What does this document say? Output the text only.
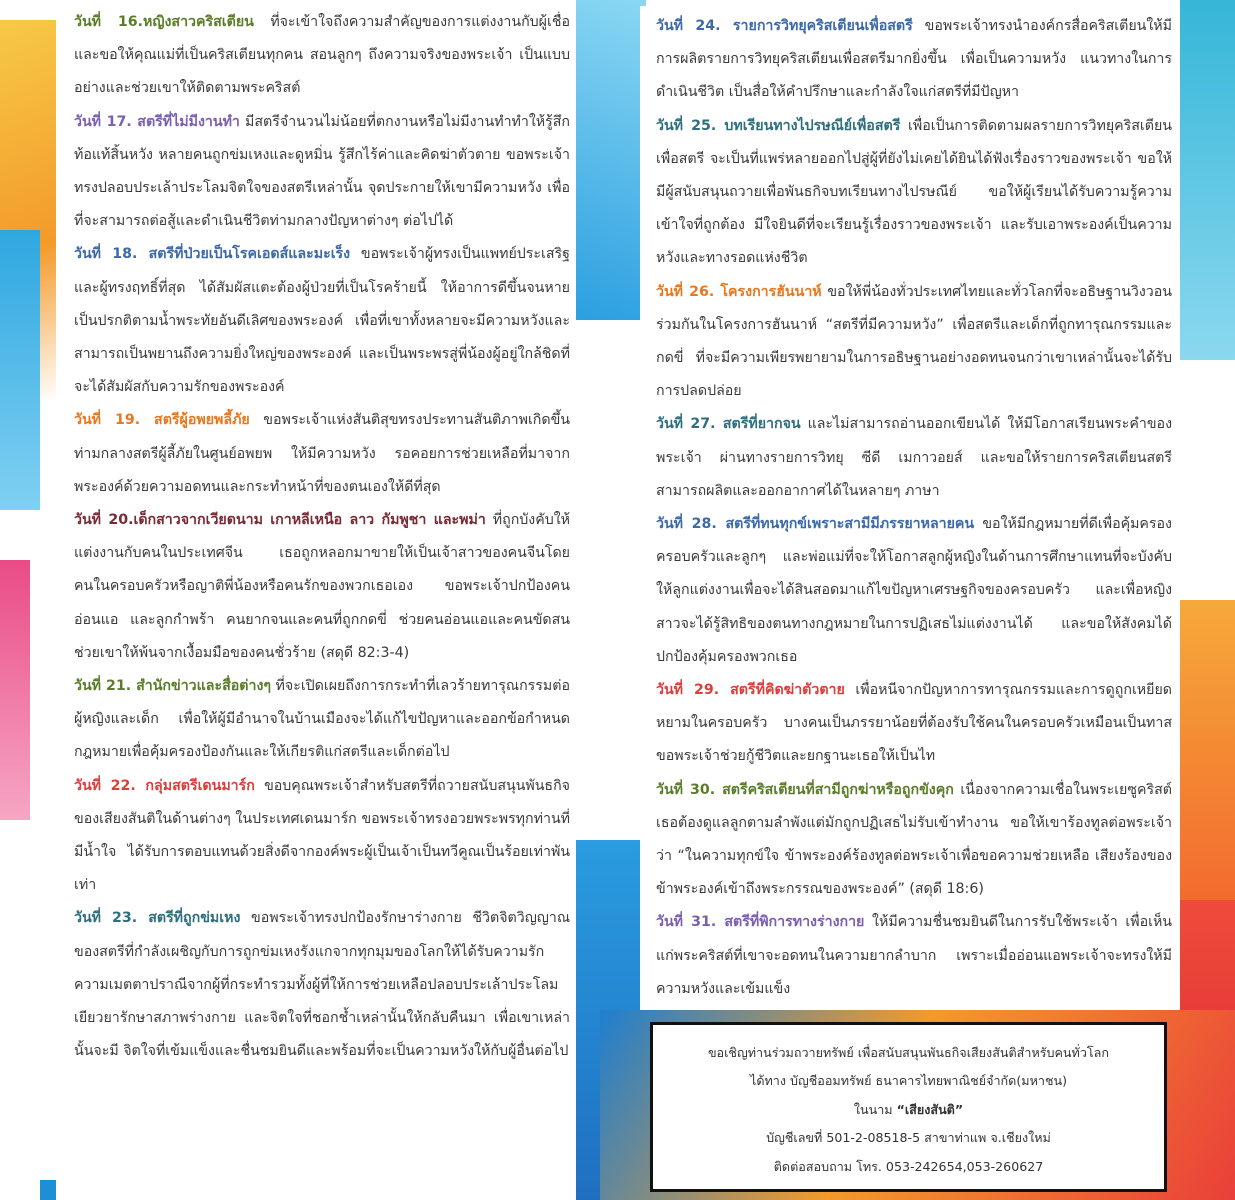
วันที่ 16.หญิงสาวคริสเตียน ที่จะเข้าใจถึงความสำคัญของการแต่งงานกับผู้เชื่อ และขอให้คุณแม่ที่เป็นคริสเตียนทุกคน สอนลูกๆ ถึงความจริงของพระเจ้า เป็นแบบอย่างและช่วยเขาให้ติดตามพระคริสต์

วันที่ 17. สตรีที่ไม่มีงานทำ มีสตรีจำนวนไม่น้อยที่ตกงานหรือไม่มีงานทำทำให้รู้สึกท้อแท้สิ้นหวัง หลายคนถูกข่มเหงและดูหมิ่น รู้สึกไร้ค่าและคิดฆ่าตัวตาย ขอพระเจ้าทรงปลอบประเล้าประโลมจิตใจของสตรีเหล่านั้น จุดประกายให้เขามีความหวัง เพื่อที่จะสามารถต่อสู้และดำเนินชีวิตท่ามกลางปัญหาต่างๆ ต่อไปได้

วันที่ 18. สตรีที่ป่วยเป็นโรคเอดส์และมะเร็ง ขอพระเจ้าผู้ทรงเป็นแพทย์ประเสริฐและผู้ทรงฤทธิ์ที่สุด ได้สัมผัสแตะต้องผู้ป่วยที่เป็นโรคร้ายนี้ ให้อาการดีขึ้นจนหายเป็นปรกติตามน้ำพระทัยอันดีเลิศของพระองค์ เพื่อที่เขาทั้งหลายจะมีความหวังและสามารถเป็นพยานถึงความยิ่งใหญ่ของพระองค์ และเป็นพระพรสู่พี่น้องผู้อยู่ใกล้ชิดที่จะได้สัมผัสกับความรักของพระองค์

วันที่ 19. สตรีผู้อพยพลี้ภัย ขอพระเจ้าแห่งสันติสุขทรงประทานสันติภาพเกิดขึ้นท่ามกลางสตรีผู้ลี้ภัยในศูนย์อพยพ ให้มีความหวัง รอคอยการช่วยเหลือที่มาจากพระองค์ด้วยความอดทนและกระทำหน้าที่ของตนเองให้ดีที่สุด

วันที่ 20.เด็กสาวจากเวียดนาม เกาหลีเหนือ ลาว กัมพูชา และพม่า ที่ถูกบังคับให้แต่งงานกับคนในประเทศจีน เธอถูกหลอกมาขายให้เป็นเจ้าสาวของคนจีนโดยคนในครอบครัวหรือญาติพี่น้องหรือคนรักของพวกเธอเอง ขอพระเจ้าปกป้องคนอ่อนแอ และลูกกำพร้า คนยากจนและคนที่ถูกกดขี่ ช่วยคนอ่อนแอและคนขัดสน ช่วยเขาให้พ้นจากเงื้อมมือของคนชั่วร้าย (สดุดี 82:3-4)

วันที่ 21. สำนักข่าวและสื่อต่างๆ ที่จะเปิดเผยถึงการกระทำที่เลวร้ายทารุณกรรมต่อผู้หญิงและเด็ก เพื่อให้ผู้มีอำนาจในบ้านเมืองจะได้แก้ไขปัญหาและออกข้อกำหนดกฎหมายเพื่อคุ้มครองป้องกันและให้เกียรติแก่สตรีและเด็กต่อไป

วันที่ 22. กลุ่มสตรีเดนมาร์ก ขอบคุณพระเจ้าสำหรับสตรีที่ถวายสนับสนุนพันธกิจของเสียงสันติในด้านต่างๆ ในประเทศเดนมาร์ก ขอพระเจ้าทรงอวยพระพรทุกท่านที่มีน้ำใจ ได้รับการตอบแทนด้วยสิ่งดีจากองค์พระผู้เป็นเจ้าเป็นทวีคูณเป็นร้อยเท่าพันเท่า

วันที่ 23. สตรีที่ถูกข่มเหง ขอพระเจ้าทรงปกป้องรักษาร่างกาย ชีวิตจิตวิญญาณ ของสตรีที่กำลังเผชิญกับการถูกข่มเหงรังแกจากทุกมุมของโลกให้ได้รับความรักความเมตตาปราณีจากผู้ที่กระทำรวมทั้งผู้ที่ให้การช่วยเหลือปลอบประเล้าประโลม เยียวยารักษาสภาพร่างกาย และจิตใจที่ชอกช้ำเหล่านั้นให้กลับคืนมา เพื่อเขาเหล่านั้นจะมี จิตใจที่เข้มแข็งและชื่นชมยินดีและพร้อมที่จะเป็นความหวังให้กับผู้อื่นต่อไป

วันที่ 24. รายการวิทยุคริสเตียนเพื่อสตรี ขอพระเจ้าทรงนำองค์กรสื่อคริสเตียนให้มีการผลิตรายการวิทยุคริสเตียนเพื่อสตรีมากยิ่งขึ้น เพื่อเป็นความหวัง แนวทางในการดำเนินชีวิต เป็นสื่อให้คำปรึกษาและกำลังใจแก่สตรีที่มีปัญหา

วันที่ 25. บทเรียนทางไปรษณีย์เพื่อสตรี เพื่อเป็นการติดตามผลรายการวิทยุคริสเตียนเพื่อสตรี จะเป็นที่แพร่หลายออกไปสู่ผู้ที่ยังไม่เคยได้ยินได้ฟังเรื่องราวของพระเจ้า ขอให้มีผู้สนับสนุนถวายเพื่อพันธกิจบทเรียนทางไปรษณีย์ ขอให้ผู้เรียนได้รับความรู้ความเข้าใจที่ถูกต้อง มีใจยินดีที่จะเรียนรู้เรื่องราวของพระเจ้า และรับเอาพระองค์เป็นความหวังและทางรอดแห่งชีวิต

วันที่ 26. โครงการฮันนาห์ ขอให้พี่น้องทั่วประเทศไทยและทั่วโลกที่จะอธิษฐานวิงวอนร่วมกันในโครงการฮันนาห์ “สตรีที่มีความหวัง” เพื่อสตรีและเด็กที่ถูกทารุณกรรมและกดขี่ ที่จะมีความเพียรพยายามในการอธิษฐานอย่างอดทนจนกว่าเขาเหล่านั้นจะได้รับการปลดปล่อย

วันที่ 27. สตรีที่ยากจน และไม่สามารถอ่านออกเขียนได้ ให้มีโอกาสเรียนพระคำของพระเจ้า ผ่านทางรายการวิทยุ ซีดี เมกาวอยส์ และขอให้รายการคริสเตียนสตรี สามารถผลิตและออกอากาศได้ในหลายๆ ภาษา

วันที่ 28. สตรีที่ทนทุกข์เพราะสามีมีภรรยาหลายคน ขอให้มีกฎหมายที่ดีเพื่อคุ้มครองครอบครัวและลูกๆ และพ่อแม่ที่จะให้โอกาสลูกผู้หญิงในด้านการศึกษาแทนที่จะบังคับให้ลูกแต่งงานเพื่อจะได้สินสอดมาแก้ไขปัญหาเศรษฐกิจของครอบครัว และเพื่อหญิงสาวจะได้รู้สิทธิของตนทางกฎหมายในการปฏิเสธไม่แต่งงานได้ และขอให้สังคมได้ปกป้องคุ้มครองพวกเธอ

วันที่ 29. สตรีที่คิดฆ่าตัวตาย เพื่อหนีจากปัญหาการทารุณกรรมและการดูถูกเหยียดหยามในครอบครัว บางคนเป็นภรรยาน้อยที่ต้องรับใช้คนในครอบครัวเหมือนเป็นทาส ขอพระเจ้าช่วยกู้ชีวิตและยกฐานะเธอให้เป็นไท

วันที่ 30. สตรีคริสเตียนที่สามีถูกฆ่าหรือถูกขังคุก เนื่องจากความเชื่อในพระเยซูคริสต์ เธอต้องดูแลลูกตามลำพังแต่มักถูกปฏิเสธไม่รับเข้าทำงาน ขอให้เขาร้องทูลต่อพระเจ้าว่า “ในความทุกข์ใจ ข้าพระองค์ร้องทูลต่อพระเจ้าเพื่อขอความช่วยเหลือ เสียงร้องของข้าพระองค์เข้าถึงพระกรรณของพระองค์” (สดุดี 18:6)

วันที่ 31. สตรีที่พิการทางร่างกาย ให้มีความชื่นชมยินดีในการรับใช้พระเจ้า เพื่อเห็นแก่พระคริสต์ที่เขาจะอดทนในความยากลำบาก เพราะเมื่ออ่อนแอพระเจ้าจะทรงให้มีความหวังและเข้มแข็ง

ขอเชิญท่านร่วมถวายทรัพย์ เพื่อสนับสนุนพันธกิจเสียงสันติสำหรับคนทั่วโลก

ได้ทาง บัญชีออมทรัพย์ ธนาคารไทยพาณิชย์จำกัด(มหาชน)

ในนาม “เสียงสันติ”

บัญชีเลขที่ 501-2-08518-5 สาขาท่าแพ จ.เชียงใหม่

ติดต่อสอบถาม โทร. 053-242654,053-260627
